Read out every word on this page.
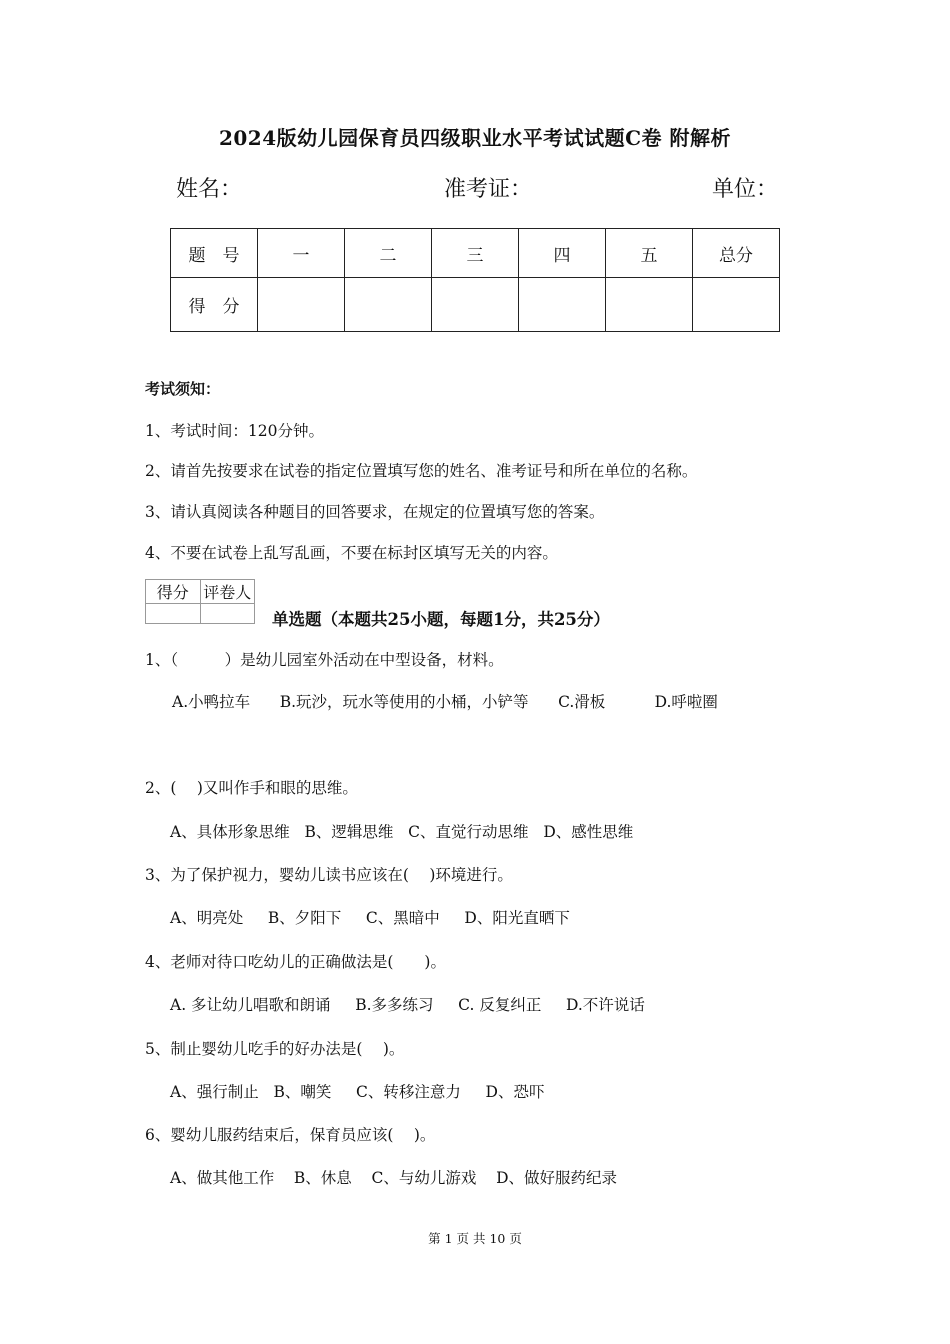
2024版幼儿园保育员四级职业水平考试试题C卷 附解析
姓名：	准考证：	单位：
题　号	一	二	三	四	五	总分
得　分						
考试须知：
1、考试时间：120分钟。
2、请首先按要求在试卷的指定位置填写您的姓名、准考证号和所在单位的名称。
3、请认真阅读各种题目的回答要求，在规定的位置填写您的答案。
4、不要在试卷上乱写乱画，不要在标封区填写无关的内容。
得分	评卷人

单选题（本题共25小题，每题1分，共25分）
1、（　　　）是幼儿园室外活动在中型设备，材料。
A.小鸭拉车 B.玩沙，玩水等使用的小桶，小铲等 C.滑板	D.呼啦圈
2、(　 )又叫作手和眼的思维。
A、具体形象思维 B、逻辑思维 C、直觉行动思维 D、感性思维
3、为了保护视力，婴幼儿读书应该在(　 )环境进行。
A、明亮处 B、夕阳下 C、黑暗中 D、阳光直晒下
4、老师对待口吃幼儿的正确做法是(　　)。
A. 多让幼儿唱歌和朗诵 B.多多练习 C. 反复纠正 D.不许说话
5、制止婴幼儿吃手的好办法是(　 )。
A、强行制止 B、嘲笑 C、转移注意力 D、恐吓
6、婴幼儿服药结束后，保育员应该(　 )。
A、做其他工作 B、休息 C、与幼儿游戏 D、做好服药纪录
第 1 页 共 10 页
